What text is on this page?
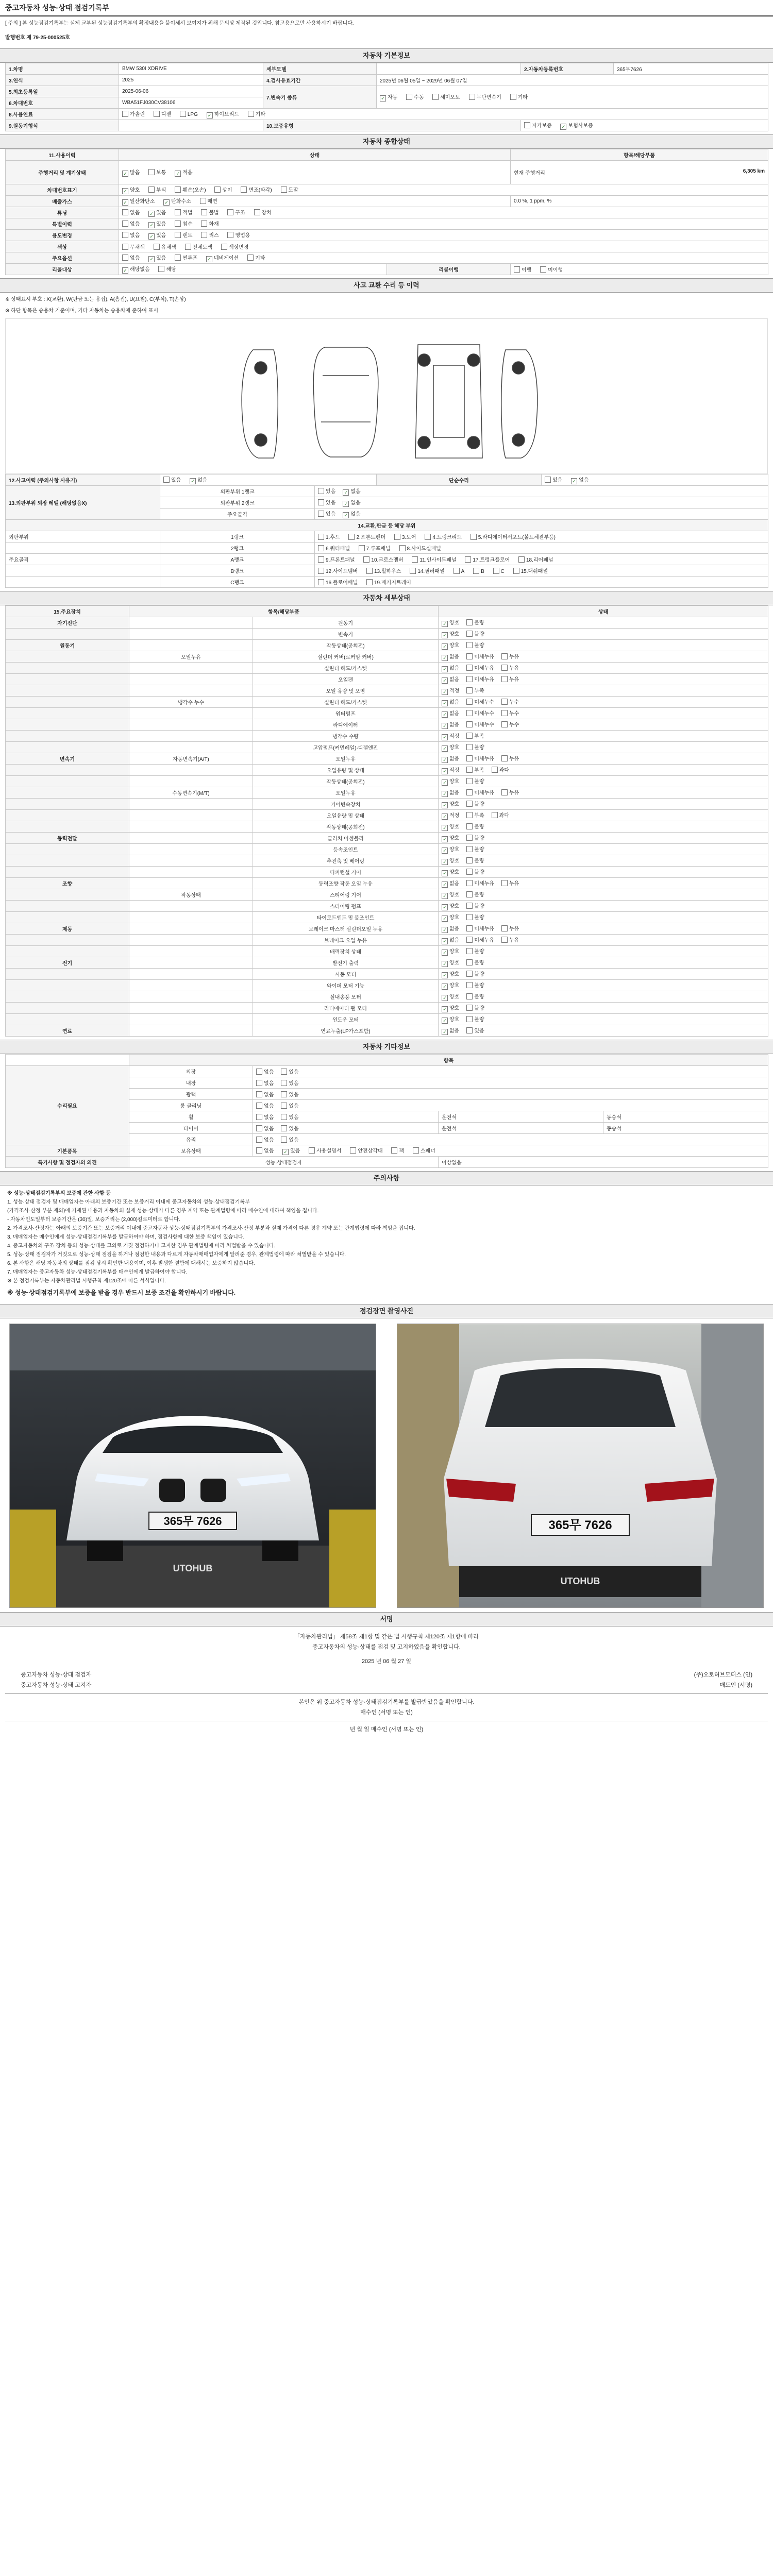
중고자동차 성능·상태 점검기록부
[ 주의 ] 본 성능점검기록부는 실제 교부된 성능점검기록부의 확정내용을 붙이세서 보여지가 위해 문의상 제작된 것입니다. 참고용으로만 사용하시기 바랍니다.
발행번호 제 79-25-000525호
자동차 기본정보
1.차명	BMW 530I XDRIVE	세부모델		2.자동차등록번호	365무7626
3.연식	2025	4.검사유효기간	2025년 06월 05일 ~ 2029년 06월 07일		
5.최초등록일	2025-06-06	7.변속기 종류	✓자동 수동 세미오토 무단변속기 기타
6.차대번호	WBA51FJ030CV38106				
8.사용연료	가솔린 디젤 LPG ✓ 하이브리드 기타
9.원동기형식		10.보증유형		자가보증 ✓ 보험사보증
자동차 종합상태
11.사용이력	상태		항목/해당부품
주행거리 및 계기상태	✓많음 보통 ✓ 적음		현재 주행거리 6,305 km

차대번호표기	✓양호 부식 훼손(오손) 상이 변조(타각) 도말
배출가스	✓일산화탄소 ✓ 탄화수소 매연		0.0 %, 1 ppm, %
튜닝	없음 ✓ 있음 적법 불법 구조 장치
특별이력	없음 ✓ 있음 침수 화재
용도변경	없음 ✓ 있음 렌트 리스 영업용
색상	무채색 유채색 전체도색 색상변경		
주요옵션	없음 ✓ 있음 썬루프 ✓ 네비게이션 기타
리콜대상	✓해당없음 해당	리콜이행	이행 미이행
사고 교환 수리 등 이력
※ 상태표시 부호 : X(교환), W(판금 또는 용접), A(흠집), U(요철), C(부식), T(손상)
※ 하단 항목은 승용차 기준이며, 기타 자동차는 승용차에 준하여 표시
12.사고이력 (주의사항 사유기)	있음 ✓ 없음		단순수리	있음 ✓ 없음
13.외판부위 외장 레벨 (해당없음X)	외판부위 1랭크	있음 ✓ 없음
	외판부위 2랭크	있음 ✓ 없음
	주요골격	있음 ✓ 없음
14.교환,판금 등 해당 부위				
외판부위	1랭크	1.후드 2.프론트펜더 3.도어 4.트렁크리드 5.라디에이터서포트(볼트체결부품)		
	2랭크	6.쿼터패널 7.루프패널 8.사이드실패널		
주요골격	A랭크	9.프론트패널 10.크로스멤버 11.인사이드패널 17.트렁크플로어 18.리어패널		
	B랭크	12.사이드멤버 13.휠하우스 14.필러패널 A B C 15.대쉬패널		
	C랭크	16.플로어패널 19.패키지트레이		
자동차 세부상태
15.주요장치	항목/해당부품		상태
자기진단		원동기	✓양호 불량
		변속기	✓양호 불량
원동기		작동상태(공회전)	✓양호 불량
	오일누유	실린더 커버(로커암 커버)	✓없음 미세누유 누유
		실린더 헤드/가스켓	✓없음 미세누유 누유
		오일팬	✓없음 미세누유 누유
		오일 유량 및 오염	✓적정 부족
	냉각수 누수	실린더 헤드/가스켓	✓없음 미세누수 누수
		워터펌프	✓없음 미세누수 누수
		라디에이터	✓없음 미세누수 누수
		냉각수 수량	✓적정 부족
		고압펌프(커먼레일)-디젤엔진	✓양호 불량
변속기	자동변속기(A/T)	오일누유	✓없음 미세누유 누유
		오일유량 및 상태	✓적정 부족 과다
		작동상태(공회전)	✓양호 불량
	수동변속기(M/T)	오일누유	✓없음 미세누유 누유
		기어변속장치	✓양호 불량
		오일유량 및 상태	✓적정 부족 과다
		작동상태(공회전)	✓양호 불량
동력전달		클러치 어셈블리	✓양호 불량
		등속조인트	✓양호 불량
		추진축 및 베어링	✓양호 불량
		디퍼런셜 기어	✓양호 불량
조향		동력조향 작동 오일 누유	✓없음 미세누유 누유
	작동상태	스티어링 기어	✓양호 불량
		스티어링 펌프	✓양호 불량
		타이로드엔드 및 볼조인트	✓양호 불량
제동		브레이크 마스터 실린더오일 누유	✓없음 미세누유 누유
		브레이크 오일 누유	✓없음 미세누유 누유
		배력장치 상태	✓양호 불량
전기		발전기 출력	✓양호 불량
		시동 모터	✓양호 불량
		와이퍼 모터 기능	✓양호 불량
		실내송풍 모터	✓양호 불량
		라디에이터 팬 모터	✓양호 불량
		윈도우 모터	✓양호 불량
연료		연료누출(LP가스포함)	✓없음 있음
자동차 기타정보
	항목			
수리필요	외장	없음 있음		
	내장	없음 있음		
	광택	없음 있음		
	룸 클리닝	없음 있음		
	휠	없음 있음	운전석	동승석
	타이어	없음 있음	운전석	동승석
	유리	없음 있음		
기본품목	보유상태	없음 ✓ 있음 사용설명서 안전삼각대 잭 스패너
특기사항 및 점검자의 의견	성능·상태점검자		이상없음	
주의사항

※ 성능·상태점검기록부의 보증에 관한 사항 등

1. 성능·상태 점검자 및 매매업자는 아래의 보증기간 또는 보증거리 이내에 중고자동차의 성능·상태점검기록부

(가격조사·산정 부분 제외)에 기재된 내용과 자동차의 실제 성능·상태가 다른 경우 계약 또는 관계법령에 따라 매수인에 대하여 책임을 집니다.

- 자동차인도일부터 보증기간은 (30)일, 보증거리는 (2,000)킬로미터로 합니다.

2. 가격조사·산정자는 아래의 보증기간 또는 보증거리 이내에 중고자동차 성능·상태점검기록부의 가격조사·산정 부분과 실제 가격이 다른 경우 계약 또는 관계법령에 따라 책임을 집니다.

3. 매매업자는 매수인에게 성능·상태점검기록부를 발급하여야 하며, 점검사항에 대한 보증 책임이 있습니다.

4. 중고자동차의 구조·장치 등의 성능·상태를 고의로 거짓 점검하거나 고지한 경우 관계법령에 따라 처벌받을 수 있습니다.

5. 성능·상태 점검자가 거짓으로 성능·상태 점검을 하거나 점검한 내용과 다르게 자동차매매업자에게 알려준 경우, 관계법령에 따라 처벌받을 수 있습니다.

6. 본 사항은 해당 자동차의 상태를 점검 당시 확인한 내용이며, 이후 발생한 결함에 대해서는 보증하지 않습니다.

7. 매매업자는 중고자동차 성능·상태점검기록부를 매수인에게 발급하여야 합니다.

※ 본 점검기록부는 자동차관리법 시행규칙 제120조에 따른 서식입니다.

※ 성능·상태점검기록부에 보증을 받을 경우 반드시 보증 조건을 확인하시기 바랍니다.

점검장면 촬영사진
365무 7626
UTOHUB
365무 7626
UTOHUB
서명
「자동차관리법」 제58조 제1항 및 같은 법 시행규칙 제120조 제1항에 따라
중고자동차의 성능·상태를 점검 및 고지하였음을 확인합니다.
2025 년 06 월 27 일
중고자동차 성능·상태 점검자	(주)오토허브모터스 (인)
중고자동차 성능·상태 고지자	매도인 (서명)
본인은 위 중고자동차 성능·상태점검기록부를 발급받았음을 확인합니다.
매수인 (서명 또는 인)
년 월 일 매수인 (서명 또는 인)
